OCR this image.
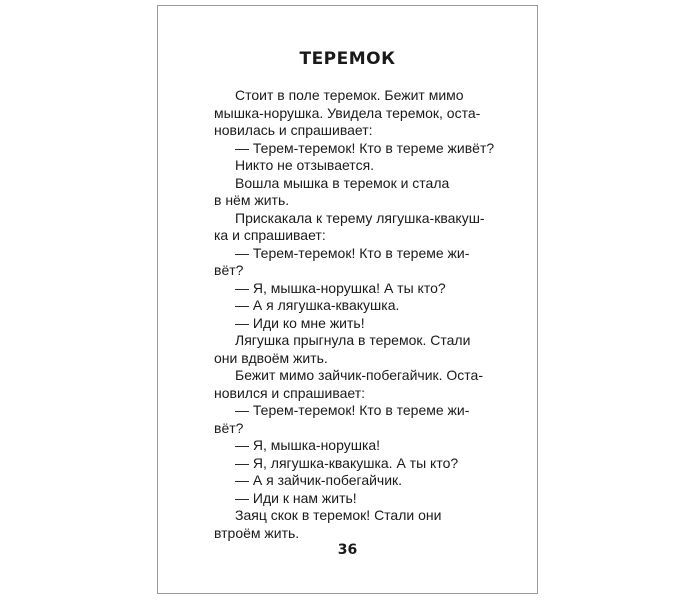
ТЕРЕМОК
Стоит в поле теремок. Бежит мимо
мышка-норушка. Увидела теремок, оста-
новилась и спрашивает:
— Терем-теремок! Кто в тереме живёт?
Никто не отзывается.
Вошла мышка в теремок и стала
в нём жить.
Прискакала к терему лягушка-квакуш-
ка и спрашивает:
— Терем-теремок! Кто в тереме жи-
вёт?
— Я, мышка-норушка! А ты кто?
— А я лягушка-квакушка.
— Иди ко мне жить!
Лягушка прыгнула в теремок. Стали
они вдвоём жить.
Бежит мимо зайчик-побегайчик. Оста-
новился и спрашивает:
— Терем-теремок! Кто в тереме жи-
вёт?
— Я, мышка-норушка!
— Я, лягушка-квакушка. А ты кто?
— А я зайчик-побегайчик.
— Иди к нам жить!
Заяц скок в теремок! Стали они
втроём жить.
36
